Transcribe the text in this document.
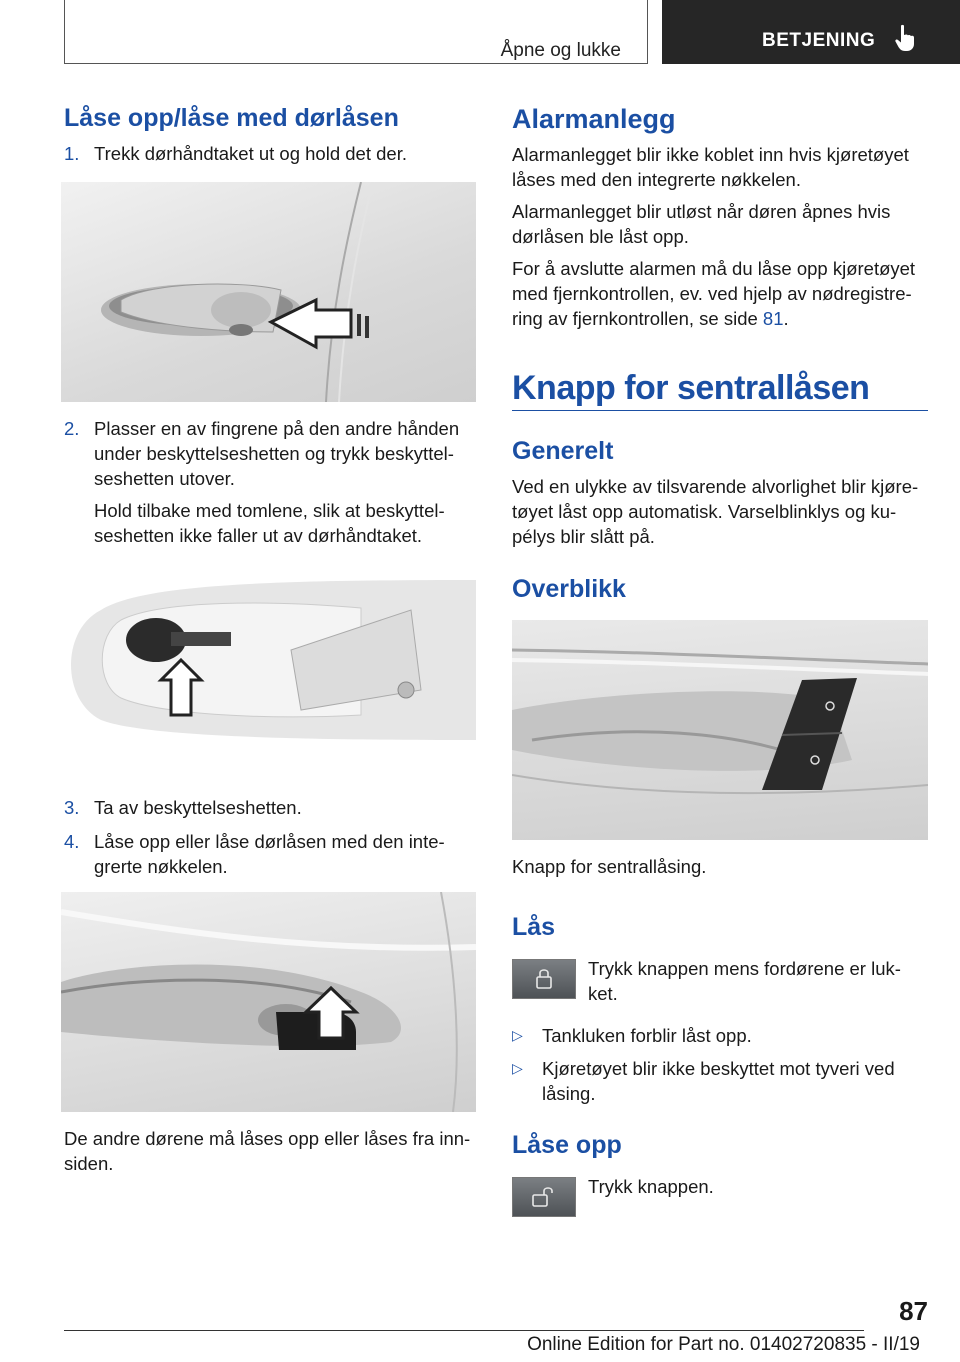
Åpne og lukke	BETJENING
Låse opp/låse med dørlåsen
1. Trekk dørhåndtaket ut og hold det der.
2. Plasser en av fingrene på den andre hånden under beskyttelseshetten og trykk beskyttel-seshetten utover.

Hold tilbake med tomlene, slik at beskyttel-seshetten ikke faller ut av dørhåndtaket.

3. Ta av beskyttelseshetten.
4. Låse opp eller låse dørlåsen med den inte-grerte nøkkelen.

De andre dørene må låses opp eller låses fra inn-siden.

Alarmanlegg

Alarmanlegget blir ikke koblet inn hvis kjøretøyet låses med den integrerte nøkkelen.

Alarmanlegget blir utløst når døren åpnes hvis dørlåsen ble låst opp.

For å avslutte alarmen må du låse opp kjøretøyet med fjernkontrollen, ev. ved hjelp av nødregistre-ring av fjernkontrollen, se side 81.

Knapp for sentrallåsen
Generelt

Ved en ulykke av tilsvarende alvorlighet blir kjøre-tøyet låst opp automatisk. Varselblinklys og ku-pélys blir slått på.

Overblikk

Knapp for sentrallåsing.

Lås

Trykk knappen mens fordørene er luk-ket.

▷ Tankluken forblir låst opp.
▷ Kjøretøyet blir ikke beskyttet mot tyveri ved låsing.
Låse opp

Trykk knappen.

87
Online Edition for Part no. 01402720835 - II/19
